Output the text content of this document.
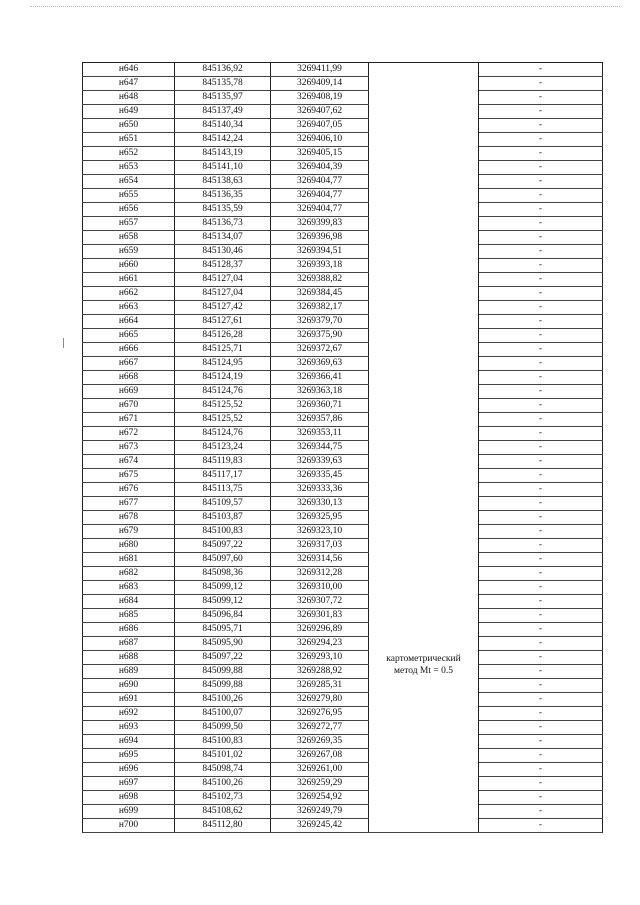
н646	845136,92	3269411,99		-
н647	845135,78	3269409,14		-
н648	845135,97	3269408,19		-
н649	845137,49	3269407,62		-
н650	845140,34	3269407,05		-
н651	845142,24	3269406,10		-
н652	845143,19	3269405,15		-
н653	845141,10	3269404,39		-
н654	845138,63	3269404,77		-
н655	845136,35	3269404,77		-
н656	845135,59	3269404,77		-
н657	845136,73	3269399,83		-
н658	845134,07	3269396,98		-
н659	845130,46	3269394,51		-
н660	845128,37	3269393,18		-
н661	845127,04	3269388,82		-
н662	845127,04	3269384,45		-
н663	845127,42	3269382,17		-
н664	845127,61	3269379,70		-
н665	845126,28	3269375,90		-
н666	845125,71	3269372,67		-
н667	845124,95	3269369,63		-
н668	845124,19	3269366,41		-
н669	845124,76	3269363,18		-
н670	845125,52	3269360,71		-
н671	845125,52	3269357,86		-
н672	845124,76	3269353,11		-
н673	845123,24	3269344,75		-
н674	845119,83	3269339,63		-
н675	845117,17	3269335,45		-
н676	845113,75	3269333,36		-
н677	845109,57	3269330,13		-
н678	845103,87	3269325,95		-
н679	845100,83	3269323,10		-
н680	845097,22	3269317,03		-
н681	845097,60	3269314,56		-
н682	845098,36	3269312,28		-
н683	845099,12	3269310,00		-
н684	845099,12	3269307,72		-
н685	845096,84	3269301,83		-
н686	845095,71	3269296,89		-
н687	845095,90	3269294,23		-
н688	845097,22	3269293,10	картометрический	-
н689	845099,88	3269288,92	метод Mt = 0.5	-
н690	845099,88	3269285,31		-
н691	845100,26	3269279,80		-
н692	845100,07	3269276,95		-
н693	845099,50	3269272,77		-
н694	845100,83	3269269,35		-
н695	845101,02	3269267,08		-
н696	845098,74	3269261,00		-
н697	845100,26	3269259,29		-
н698	845102,73	3269254,92		-
н699	845108,62	3269249,79		-
н700	845112,80	3269245,42		-
